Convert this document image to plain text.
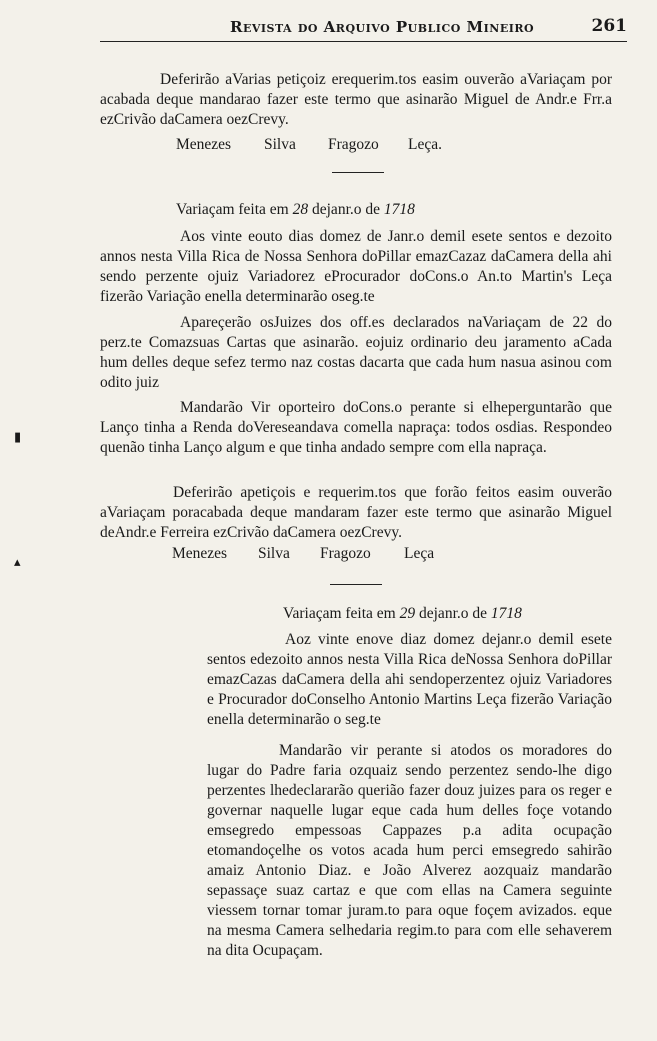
Revista do Arquivo Publico Mineiro	261
Deferirão aVarias petiçoiz erequerim.tos easim ouverão aVariaçam por acabada deque mandarao fazer este termo que asinarão Miguel de Andr.e Frr.a ezCrivão daCamera oezCrevy.
Menezes Silva Fragozo Leça.
Variaçam feita em 28 dejanr.o de 1718
Aos vinte eouto dias domez de Janr.o demil esete sentos e dezoito annos nesta Villa Rica de Nossa Senhora doPillar emazCazaz daCamera della ahi sendo perzente ojuiz Variadorez eProcurador doCons.o An.to Martin's Leça fizerão Variação enella determinarão oseg.te
Apareçerão osJuizes dos off.es declarados naVariaçam de 22 do perz.te Comazsuas Cartas que asinarão. eojuiz ordinario deu jaramento aCada hum delles deque sefez termo naz costas dacarta que cada hum nasua asinou com odito juiz
Mandarão Vir oporteiro doCons.o perante si elheperguntarão que Lanço tinha a Renda doVereseandava comella napraça: todos osdias. Respondeo quenão tinha Lanço algum e que tinha andado sempre com ella napraça.
Deferirão apetiçois e requerim.tos que forão feitos easim ouverão aVariaçam poracabada deque mandaram fazer este termo que asinarão Miguel deAndr.e Ferreira ezCrivão daCamera oezCrevy.
Menezes Silva Fragozo Leça
Variaçam feita em 29 dejanr.o de 1718
Aoz vinte enove diaz domez dejanr.o demil esete sentos edezoito annos nesta Villa Rica deNossa Senhora doPillar emazCazas daCamera della ahi sendoperzentez ojuiz Variadores e Procurador doConselho Antonio Martins Leça fizerão Variação enella determinarão o seg.te
Mandarão vir perante si atodos os moradores do lugar do Padre faria ozquaiz sendo perzentez sendo-lhe digo perzentes lhedeclararão querião fazer douz juizes para os reger e governar naquelle lugar eque cada hum delles foçe votando emsegredo empessoas Cappazes p.a adita ocupação etomandoçelhe os votos acada hum perci emsegredo sahirão amaiz Antonio Diaz. e João Alverez aozquaiz mandarão sepassaçe suaz cartaz e que com ellas na Camera seguinte viessem tornar tomar juram.to para oque foçem avizados. eque na mesma Camera selhedaria regim.to para com elle sehaverem na dita Ocupaçam.
▮
▴
